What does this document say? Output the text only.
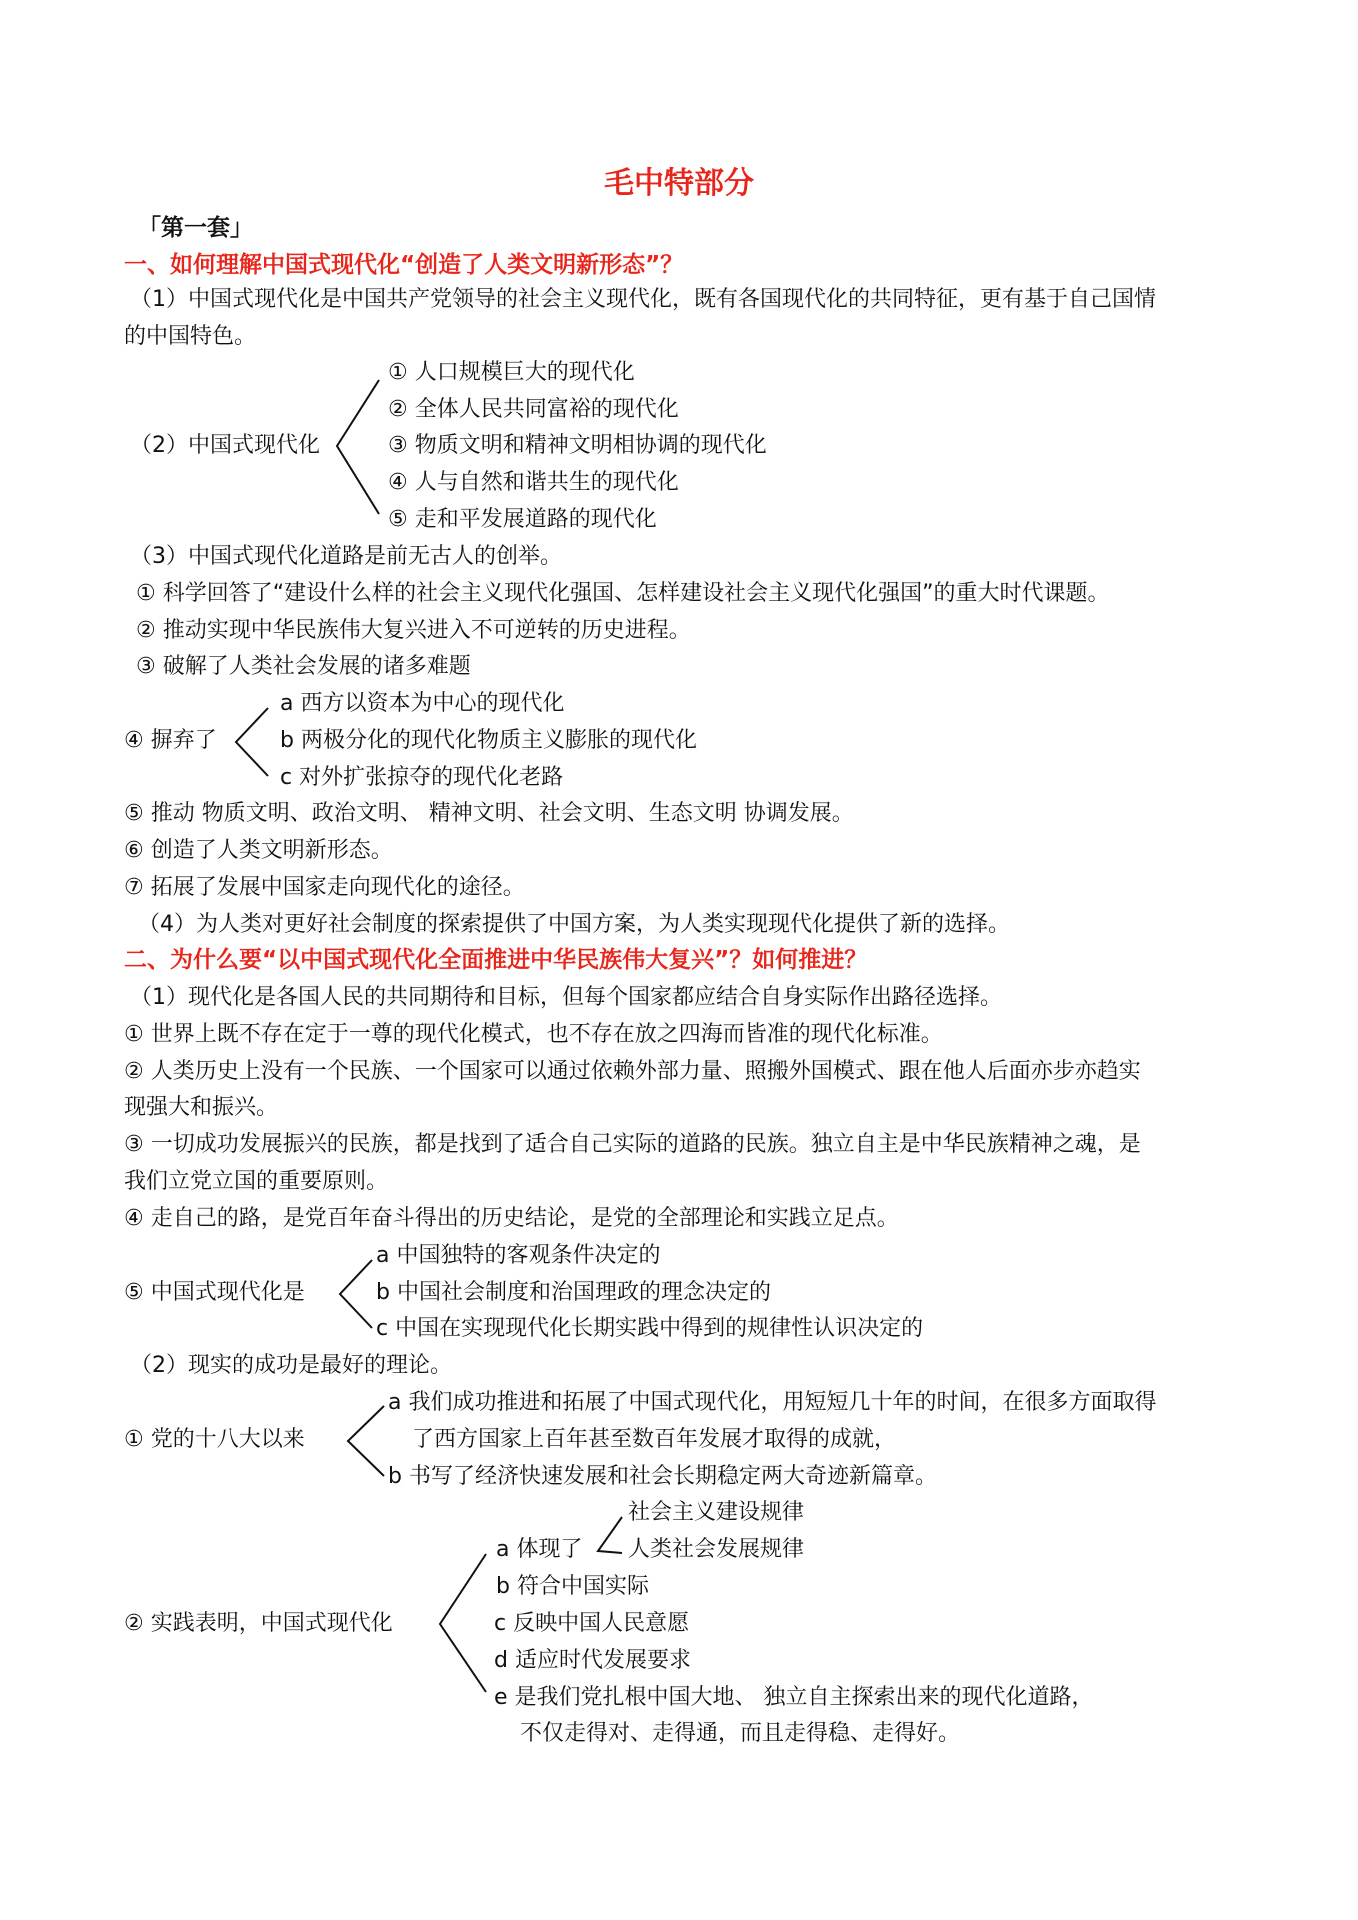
毛中特部分
「第一套」
一、如何理解中国式现代化“创造了人类文明新形态”？
（1）中国式现代化是中国共产党领导的社会主义现代化，既有各国现代化的共同特征，更有基于自己国情
的中国特色。
（2）中国式现代化
① 人口规模巨大的现代化
② 全体人民共同富裕的现代化
③ 物质文明和精神文明相协调的现代化
④ 人与自然和谐共生的现代化
⑤ 走和平发展道路的现代化
（3）中国式现代化道路是前无古人的创举。
① 科学回答了“建设什么样的社会主义现代化强国、怎样建设社会主义现代化强国”的重大时代课题。
② 推动实现中华民族伟大复兴进入不可逆转的历史进程。
③ 破解了人类社会发展的诸多难题
④ 摒弃了
a 西方以资本为中心的现代化
b 两极分化的现代化物质主义膨胀的现代化
c 对外扩张掠夺的现代化老路
⑤ 推动 物质文明、政治文明、 精神文明、社会文明、生态文明 协调发展。
⑥ 创造了人类文明新形态。
⑦ 拓展了发展中国家走向现代化的途径。
（4）为人类对更好社会制度的探索提供了中国方案，为人类实现现代化提供了新的选择。
二、为什么要“以中国式现代化全面推进中华民族伟大复兴”？如何推进？
（1）现代化是各国人民的共同期待和目标，但每个国家都应结合自身实际作出路径选择。
① 世界上既不存在定于一尊的现代化模式，也不存在放之四海而皆准的现代化标准。
② 人类历史上没有一个民族、一个国家可以通过依赖外部力量、照搬外国模式、跟在他人后面亦步亦趋实
现强大和振兴。
③ 一切成功发展振兴的民族，都是找到了适合自己实际的道路的民族。独立自主是中华民族精神之魂，是
我们立党立国的重要原则。
④ 走自己的路，是党百年奋斗得出的历史结论，是党的全部理论和实践立足点。
⑤ 中国式现代化是
a 中国独特的客观条件决定的
b 中国社会制度和治国理政的理念决定的
c 中国在实现现代化长期实践中得到的规律性认识决定的
（2）现实的成功是最好的理论。
① 党的十八大以来
a 我们成功推进和拓展了中国式现代化，用短短几十年的时间，在很多方面取得
了西方国家上百年甚至数百年发展才取得的成就，
b 书写了经济快速发展和社会长期稳定两大奇迹新篇章。
② 实践表明，中国式现代化
a 体现了
社会主义建设规律
人类社会发展规律
b 符合中国实际
c 反映中国人民意愿
d 适应时代发展要求
e 是我们党扎根中国大地、 独立自主探索出来的现代化道路，
不仅走得对、走得通，而且走得稳、走得好。
